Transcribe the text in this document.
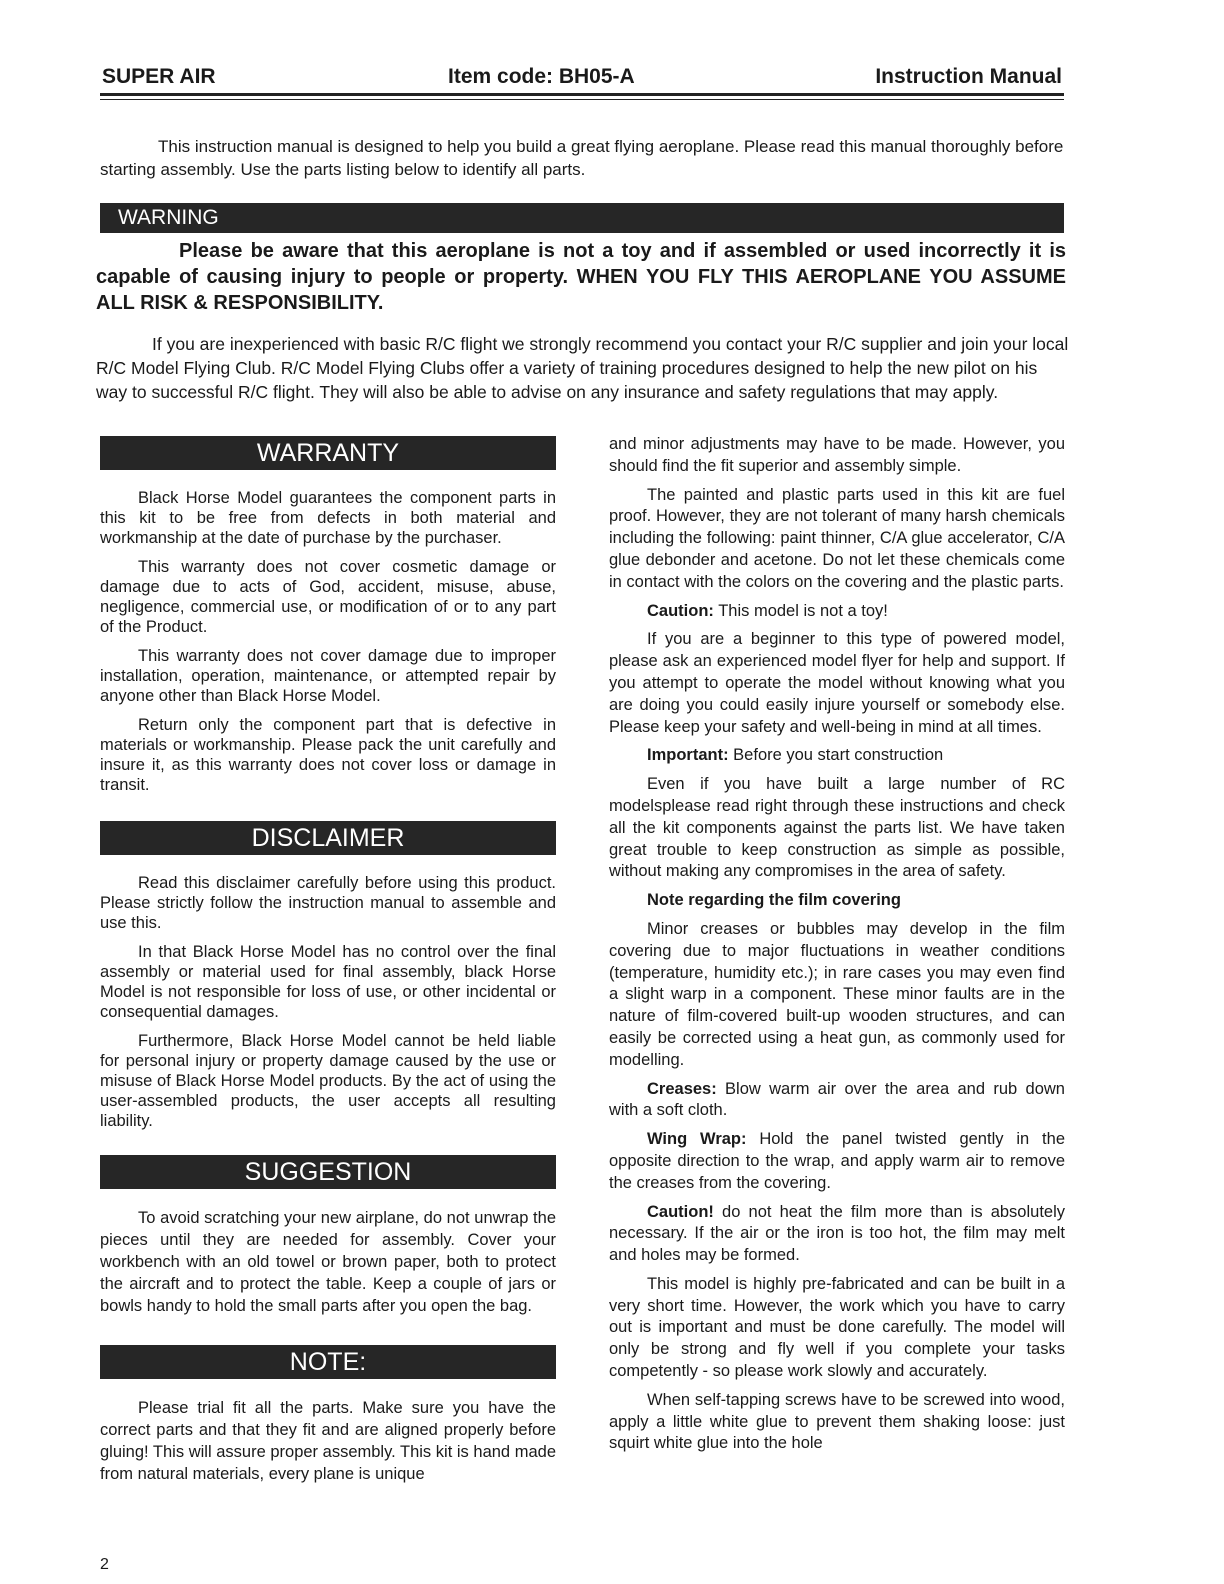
SUPER AIR	Item code: BH05-A	Instruction Manual

This instruction manual is designed to help you build a great flying aeroplane. Please read this manual thoroughly before starting assembly. Use the parts listing below to identify all parts.

WARNING

Please be aware that this aeroplane is not a toy and if assembled or used incorrectly it is capable of causing injury to people or property. WHEN YOU FLY THIS AEROPLANE YOU ASSUME ALL RISK & RESPONSIBILITY.

If you are inexperienced with basic R/C flight we strongly recommend you contact your R/C supplier and join your local R/C Model Flying Club. R/C Model Flying Clubs offer a variety of training procedures designed to help the new pilot on his way to successful R/C flight. They will also be able to advise on any insurance and safety regulations that may apply.

WARRANTY

Black Horse Model guarantees the component parts in this kit to be free from defects in both material and workmanship at the date of purchase by the purchaser.

This warranty does not cover cosmetic damage or damage due to acts of God, accident, misuse, abuse, negligence, commercial use, or modification of or to any part of the Product.

This warranty does not cover damage due to improper installation, operation, maintenance, or attempted repair by anyone other than Black Horse Model.

Return only the component part that is defective in materials or workmanship. Please pack the unit carefully and insure it, as this warranty does not cover loss or damage in transit.

DISCLAIMER

Read this disclaimer carefully before using this product. Please strictly follow the instruction manual to assemble and use this.

In that Black Horse Model has no control over the final assembly or material used for final assembly, black Horse Model is not responsible for loss of use, or other incidental or consequential damages.

Furthermore, Black Horse Model cannot be held liable for personal injury or property damage caused by the use or misuse of Black Horse Model products. By the act of using the user-assembled products, the user accepts all resulting liability.

SUGGESTION

To avoid scratching your new airplane, do not unwrap the pieces until they are needed for assembly. Cover your workbench with an old towel or brown paper, both to protect the aircraft and to protect the table. Keep a couple of jars or bowls handy to hold the small parts after you open the bag.

NOTE:

Please trial fit all the parts. Make sure you have the correct parts and that they fit and are aligned properly before gluing! This will assure proper assembly. This kit is hand made from natural materials, every plane is unique

and minor adjustments may have to be made. However, you should find the fit superior and assembly simple.

The painted and plastic parts used in this kit are fuel proof. However, they are not tolerant of many harsh chemicals including the following: paint thinner, C/A glue accelerator, C/A glue debonder and acetone. Do not let these chemicals come in contact with the colors on the covering and the plastic parts.

Caution: This model is not a toy!

If you are a beginner to this type of powered model, please ask an experienced model flyer for help and support. If you attempt to operate the model without knowing what you are doing you could easily injure yourself or somebody else. Please keep your safety and well-being in mind at all times.

Important: Before you start construction

Even if you have built a large number of RC modelsplease read right through these instructions and check all the kit components against the parts list. We have taken great trouble to keep construction as simple as possible, without making any compromises in the area of safety.

Note regarding the film covering

Minor creases or bubbles may develop in the film covering due to major fluctuations in weather conditions (temperature, humidity etc.); in rare cases you may even find a slight warp in a component. These minor faults are in the nature of film-covered built-up wooden structures, and can easily be corrected using a heat gun, as commonly used for modelling.

Creases: Blow warm air over the area and rub down with a soft cloth.

Wing Wrap: Hold the panel twisted gently in the opposite direction to the wrap, and apply warm air to remove the creases from the covering.

Caution! do not heat the film more than is absolutely necessary. If the air or the iron is too hot, the film may melt and holes may be formed.

This model is highly pre-fabricated and can be built in a very short time. However, the work which you have to carry out is important and must be done carefully. The model will only be strong and fly well if you complete your tasks competently - so please work slowly and accurately.

When self-tapping screws have to be screwed into wood, apply a little white glue to prevent them shaking loose: just squirt white glue into the hole

2
